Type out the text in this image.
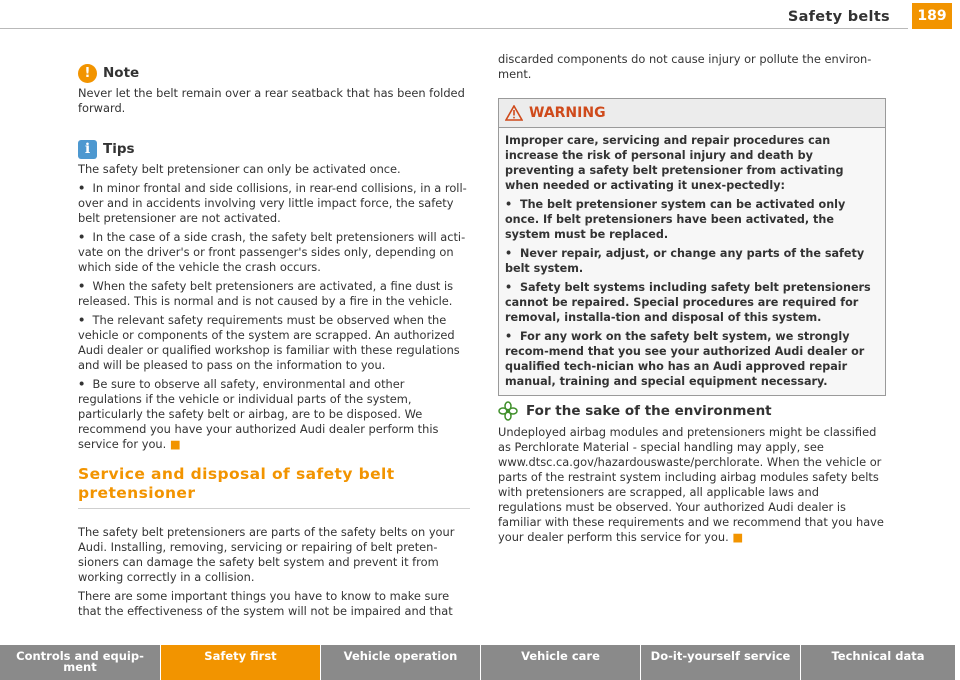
Safety belts	189
! Note

Never let the belt remain over a rear seatback that has been folded forward.

i Tips

The safety belt pretensioner can only be activated once.

• In minor frontal and side collisions, in rear-end collisions, in a roll-over and in accidents involving very little impact force, the safety belt pretensioner are not activated.

• In the case of a side crash, the safety belt pretensioners will acti-vate on the driver's or front passenger's sides only, depending on which side of the vehicle the crash occurs.

• When the safety belt pretensioners are activated, a fine dust is released. This is normal and is not caused by a fire in the vehicle.

• The relevant safety requirements must be observed when the vehicle or components of the system are scrapped. An authorized Audi dealer or qualified workshop is familiar with these regulations and will be pleased to pass on the information to you.

• Be sure to observe all safety, environmental and other regulations if the vehicle or individual parts of the system, particularly the safety belt or airbag, are to be disposed. We recommend you have your authorized Audi dealer perform this service for you. ■

Service and disposal of safety belt pretensioner

The safety belt pretensioners are parts of the safety belts on your Audi. Installing, removing, servicing or repairing of belt preten-sioners can damage the safety belt system and prevent it from working correctly in a collision.

There are some important things you have to know to make sure that the effectiveness of the system will not be impaired and that

discarded components do not cause injury or pollute the environ-ment.

WARNING

Improper care, servicing and repair procedures can increase the risk of personal injury and death by preventing a safety belt pretensioner from activating when needed or activating it unex-pectedly:

• The belt pretensioner system can be activated only once. If belt pretensioners have been activated, the system must be replaced.

• Never repair, adjust, or change any parts of the safety belt system.

• Safety belt systems including safety belt pretensioners cannot be repaired. Special procedures are required for removal, installa-tion and disposal of this system.

• For any work on the safety belt system, we strongly recom-mend that you see your authorized Audi dealer or qualified tech-nician who has an Audi approved repair manual, training and special equipment necessary.

For the sake of the environment

Undeployed airbag modules and pretensioners might be classified as Perchlorate Material - special handling may apply, see www.dtsc.ca.gov/hazardouswaste/perchlorate. When the vehicle or parts of the restraint system including airbag modules safety belts with pretensioners are scrapped, all applicable laws and regulations must be observed. Your authorized Audi dealer is familiar with these requirements and we recommend that you have your dealer perform this service for you. ■

Controls and equip-ment
Safety first	Vehicle operation	Vehicle care	Do-it-yourself service	Technical data
